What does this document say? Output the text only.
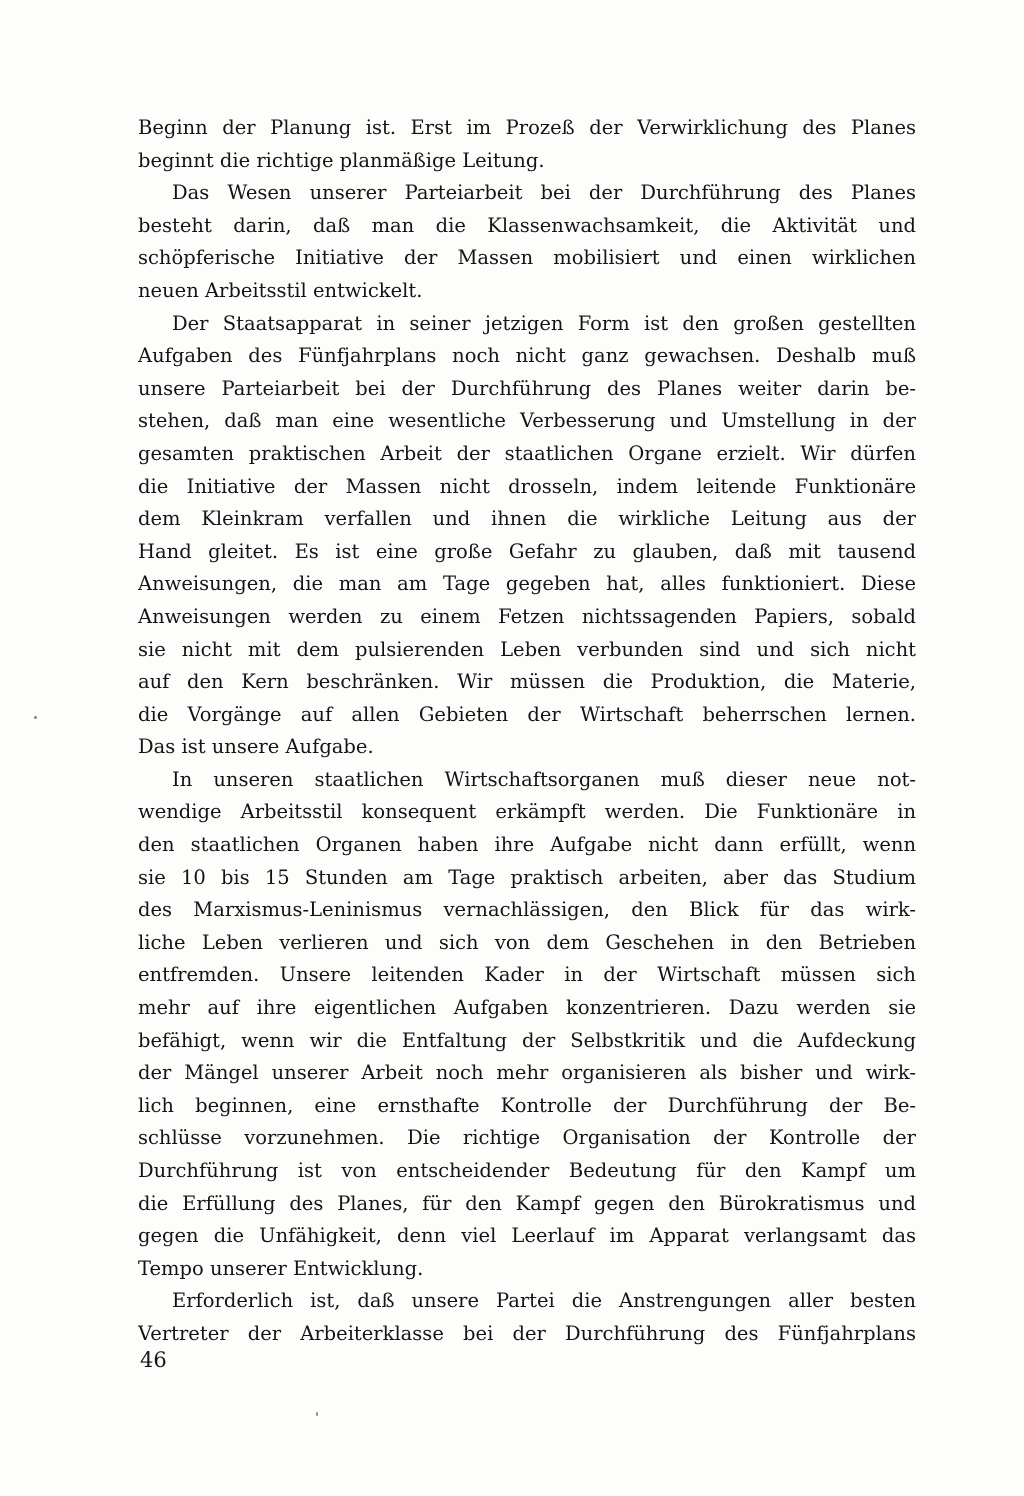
Beginn der Planung ist. Erst im Prozeß der Verwirklichung des Planes
beginnt die richtige planmäßige Leitung.
Das Wesen unserer Parteiarbeit bei der Durchführung des Planes
besteht darin, daß man die Klassenwachsamkeit, die Aktivität und
schöpferische Initiative der Massen mobilisiert und einen wirklichen
neuen Arbeitsstil entwickelt.
Der Staatsapparat in seiner jetzigen Form ist den großen gestellten
Aufgaben des Fünfjahrplans noch nicht ganz gewachsen. Deshalb muß
unsere Parteiarbeit bei der Durchführung des Planes weiter darin be-
stehen, daß man eine wesentliche Verbesserung und Umstellung in der
gesamten praktischen Arbeit der staatlichen Organe erzielt. Wir dürfen
die Initiative der Massen nicht drosseln, indem leitende Funktionäre
dem Kleinkram verfallen und ihnen die wirkliche Leitung aus der
Hand gleitet. Es ist eine große Gefahr zu glauben, daß mit tausend
Anweisungen, die man am Tage gegeben hat, alles funktioniert. Diese
Anweisungen werden zu einem Fetzen nichtssagenden Papiers, sobald
sie nicht mit dem pulsierenden Leben verbunden sind und sich nicht
auf den Kern beschränken. Wir müssen die Produktion, die Materie,
die Vorgänge auf allen Gebieten der Wirtschaft beherrschen lernen.
Das ist unsere Aufgabe.
In unseren staatlichen Wirtschaftsorganen muß dieser neue not-
wendige Arbeitsstil konsequent erkämpft werden. Die Funktionäre in
den staatlichen Organen haben ihre Aufgabe nicht dann erfüllt, wenn
sie 10 bis 15 Stunden am Tage praktisch arbeiten, aber das Studium
des Marxismus-Leninismus vernachlässigen, den Blick für das wirk-
liche Leben verlieren und sich von dem Geschehen in den Betrieben
entfremden. Unsere leitenden Kader in der Wirtschaft müssen sich
mehr auf ihre eigentlichen Aufgaben konzentrieren. Dazu werden sie
befähigt, wenn wir die Entfaltung der Selbstkritik und die Aufdeckung
der Mängel unserer Arbeit noch mehr organisieren als bisher und wirk-
lich beginnen, eine ernsthafte Kontrolle der Durchführung der Be-
schlüsse vorzunehmen. Die richtige Organisation der Kontrolle der
Durchführung ist von entscheidender Bedeutung für den Kampf um
die Erfüllung des Planes, für den Kampf gegen den Bürokratismus und
gegen die Unfähigkeit, denn viel Leerlauf im Apparat verlangsamt das
Tempo unserer Entwicklung.
Erforderlich ist, daß unsere Partei die Anstrengungen aller besten
Vertreter der Arbeiterklasse bei der Durchführung des Fünfjahrplans
46
